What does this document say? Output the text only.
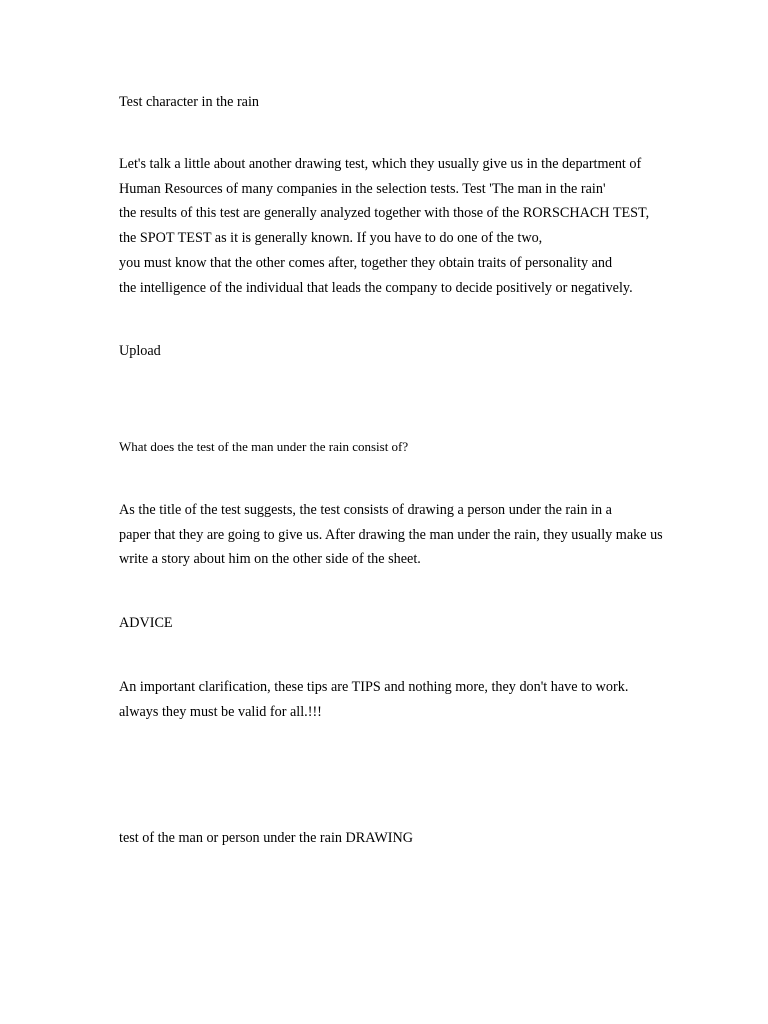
Test character in the rain

Let's talk a little about another drawing test, which they usually give us in the department of
Human Resources of many companies in the selection tests. Test 'The man in the rain'
the results of this test are generally analyzed together with those of the RORSCHACH TEST,
the SPOT TEST as it is generally known. If you have to do one of the two,
you must know that the other comes after, together they obtain traits of personality and
the intelligence of the individual that leads the company to decide positively or negatively.

Upload

What does the test of the man under the rain consist of?

As the title of the test suggests, the test consists of drawing a person under the rain in a
paper that they are going to give us. After drawing the man under the rain, they usually make us
write a story about him on the other side of the sheet.

ADVICE

An important clarification, these tips are TIPS and nothing more, they don't have to work.
always they must be valid for all.!!!

test of the man or person under the rain DRAWING
